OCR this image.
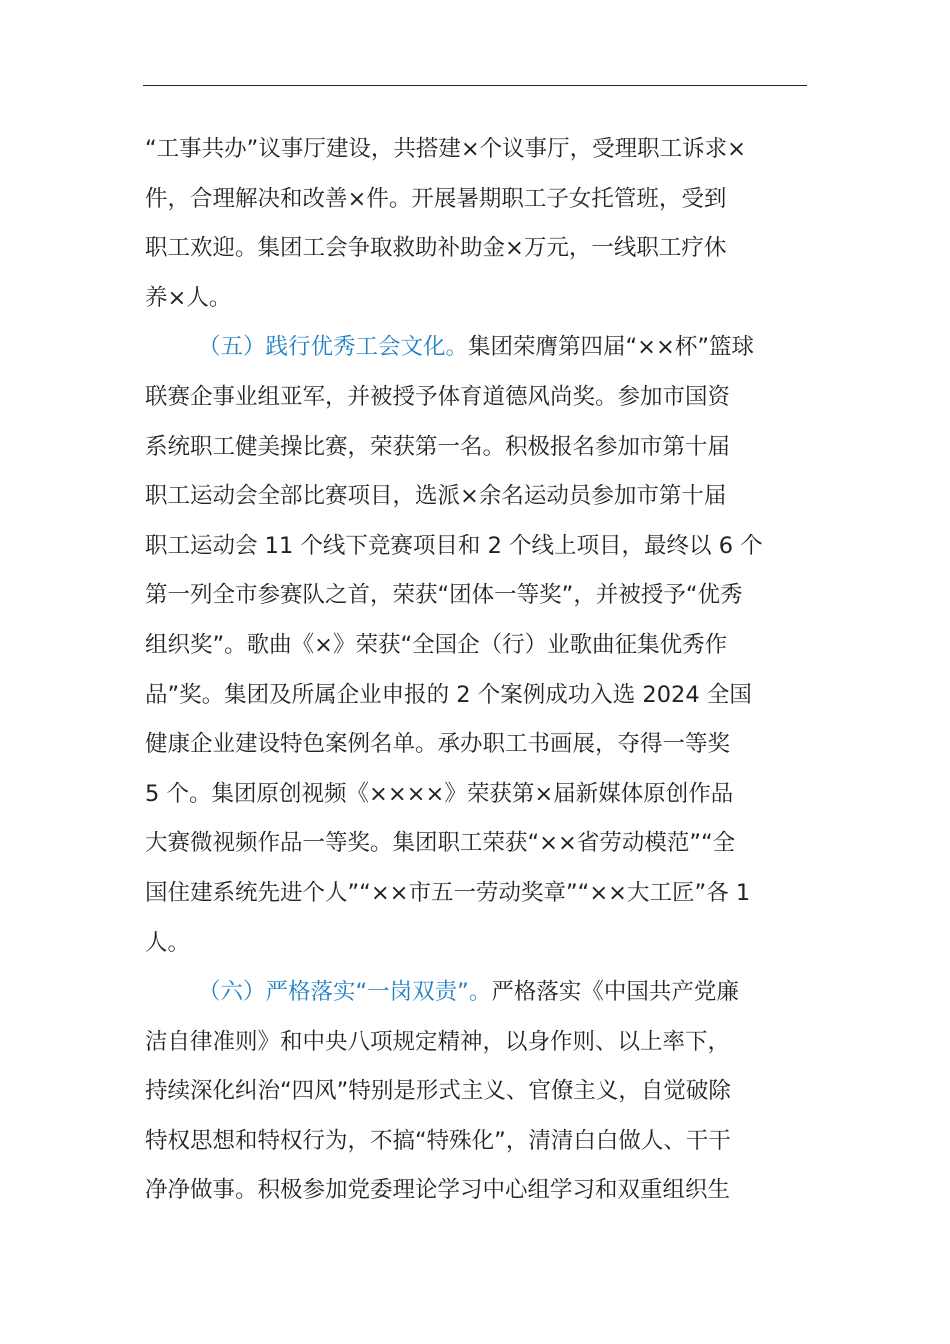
“工事共办”议事厅建设，共搭建×个议事厅，受理职工诉求×
件，合理解决和改善×件。开展暑期职工子女托管班，受到
职工欢迎。集团工会争取救助补助金×万元，一线职工疗休
养×人。
（五）践行优秀工会文化。集团荣膺第四届“××杯”篮球
联赛企事业组亚军，并被授予体育道德风尚奖。参加市国资
系统职工健美操比赛，荣获第一名。积极报名参加市第十届
职工运动会全部比赛项目，选派×余名运动员参加市第十届
职工运动会 11 个线下竞赛项目和 2 个线上项目，最终以 6 个
第一列全市参赛队之首，荣获“团体一等奖”，并被授予“优秀
组织奖”。歌曲《×》荣获“全国企（行）业歌曲征集优秀作
品”奖。集团及所属企业申报的 2 个案例成功入选 2024 全国
健康企业建设特色案例名单。承办职工书画展，夺得一等奖
5 个。集团原创视频《××××》荣获第×届新媒体原创作品
大赛微视频作品一等奖。集团职工荣获“××省劳动模范”“全
国住建系统先进个人”“××市五一劳动奖章”“××大工匠”各 1
人。
（六）严格落实“一岗双责”。严格落实《中国共产党廉
洁自律准则》和中央八项规定精神，以身作则、以上率下，
持续深化纠治“四风”特别是形式主义、官僚主义，自觉破除
特权思想和特权行为，不搞“特殊化”，清清白白做人、干干
净净做事。积极参加党委理论学习中心组学习和双重组织生
